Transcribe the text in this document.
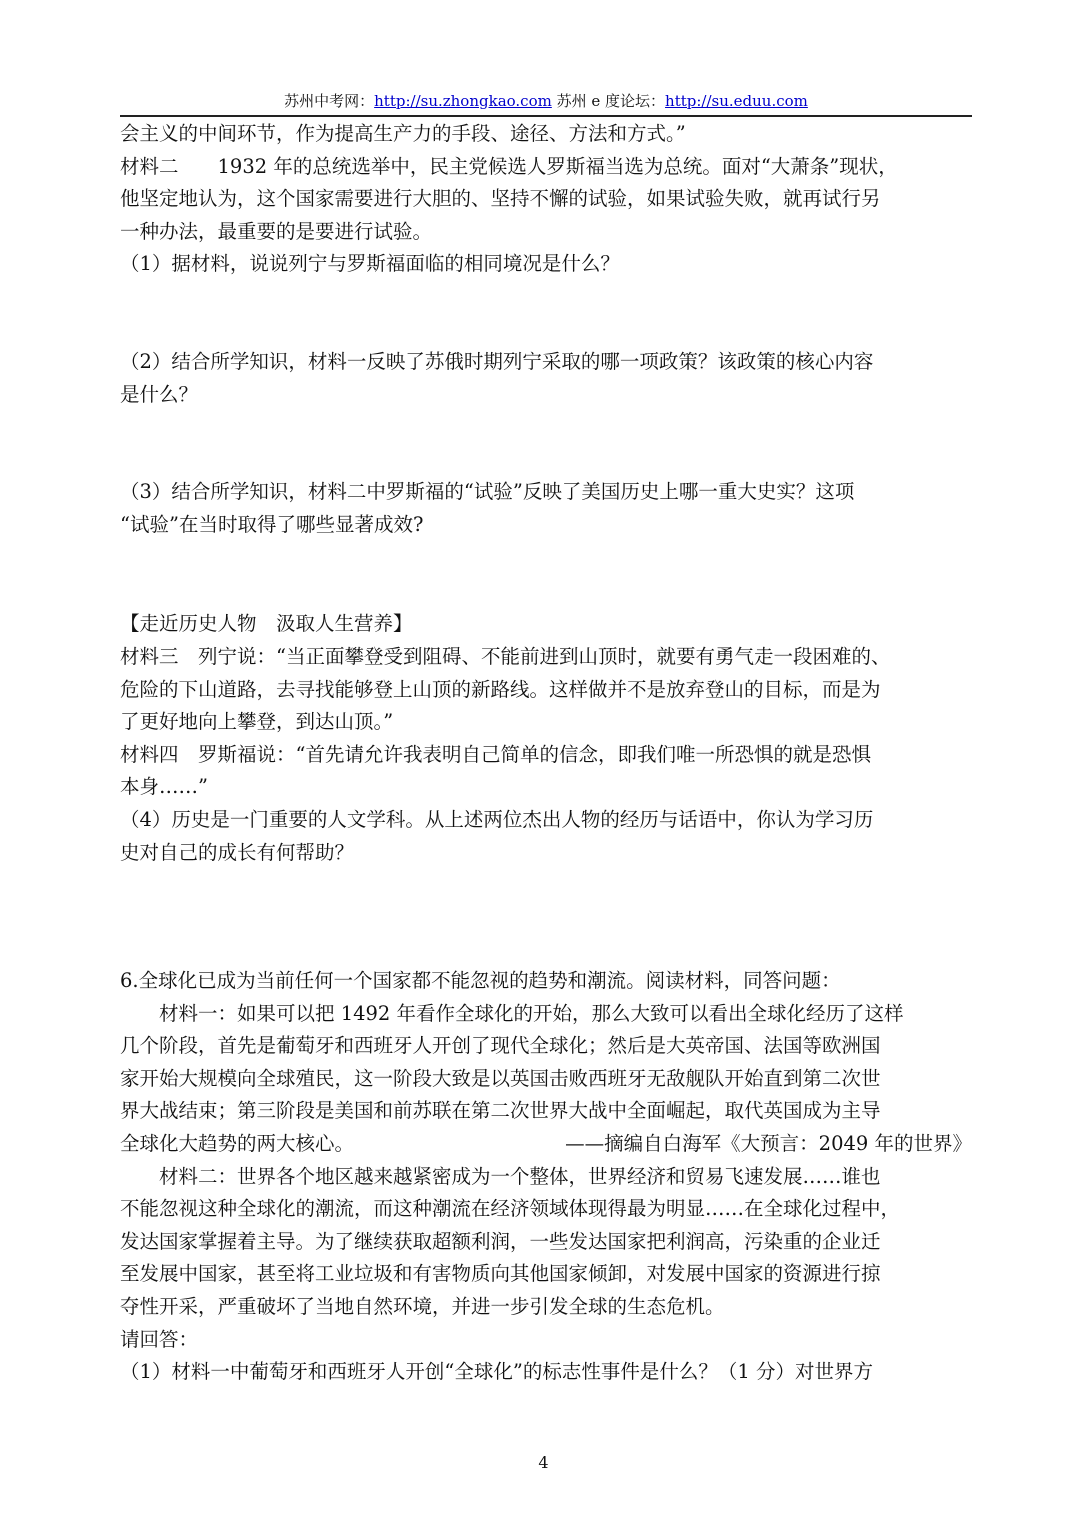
苏州中考网：http://su.zhongkao.com 苏州 e 度论坛：http://su.eduu.com
会主义的中间环节，作为提高生产力的手段、途径、方法和方式。”
材料二　　1932 年的总统选举中，民主党候选人罗斯福当选为总统。面对“大萧条”现状，
他坚定地认为，这个国家需要进行大胆的、坚持不懈的试验，如果试验失败，就再试行另
一种办法，最重要的是要进行试验。
（1）据材料，说说列宁与罗斯福面临的相同境况是什么？
（2）结合所学知识，材料一反映了苏俄时期列宁采取的哪一项政策？该政策的核心内容
是什么？
（3）结合所学知识，材料二中罗斯福的“试验”反映了美国历史上哪一重大史实？这项
“试验”在当时取得了哪些显著成效?
【走近历史人物　汲取人生营养】
材料三　列宁说：“当正面攀登受到阻碍、不能前进到山顶时，就要有勇气走一段困难的、
危险的下山道路，去寻找能够登上山顶的新路线。这样做并不是放弃登山的目标，而是为
了更好地向上攀登，到达山顶。”
材料四　罗斯福说：“首先请允许我表明自己简单的信念，即我们唯一所恐惧的就是恐惧
本身……”
（4）历史是一门重要的人文学科。从上述两位杰出人物的经历与话语中，你认为学习历
史对自己的成长有何帮助？
6.全球化已成为当前任何一个国家都不能忽视的趋势和潮流。阅读材料，同答问题：
材料一：如果可以把 1492 年看作全球化的开始，那么大致可以看出全球化经历了这样
几个阶段，首先是葡萄牙和西班牙人开创了现代全球化；然后是大英帝国、法国等欧洲国
家开始大规模向全球殖民，这一阶段大致是以英国击败西班牙无敌舰队开始直到第二次世
界大战结束；第三阶段是美国和前苏联在第二次世界大战中全面崛起，取代英国成为主导
全球化大趋势的两大核心。	——摘编自白海军《大预言：2049 年的世界》
材料二：世界各个地区越来越紧密成为一个整体，世界经济和贸易飞速发展……谁也
不能忽视这种全球化的潮流，而这种潮流在经济领域体现得最为明显……在全球化过程中，
发达国家掌握着主导。为了继续获取超额利润，一些发达国家把利润高，污染重的企业迁
至发展中国家，甚至将工业垃圾和有害物质向其他国家倾卸，对发展中国家的资源进行掠
夺性开采，严重破坏了当地自然环境，并进一步引发全球的生态危机。
请回答：
（1）材料一中葡萄牙和西班牙人开创“全球化”的标志性事件是什么？（1 分）对世界方
4
